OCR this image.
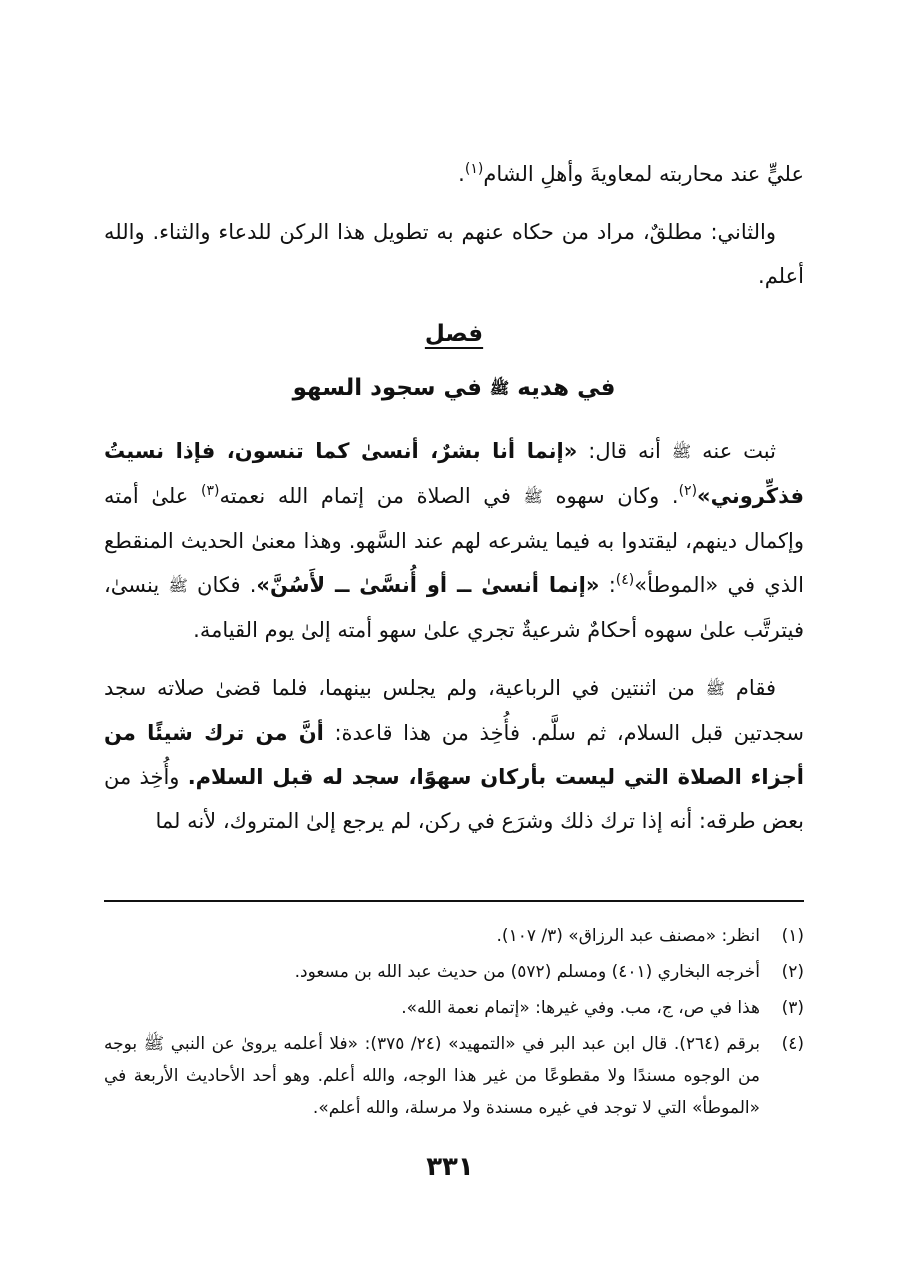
عليٍّ عند محاربته لمعاويةَ وأهلِ الشام$^{(١)}$.

والثاني: مطلقٌ، مراد من حكاه عنهم به تطويل هذا الركن للدعاء والثناء. والله أعلم.

فصل
في هديه ﷺ في سجود السهو

ثبت عنه ﷺ أنه قال: «إنما أنا بشرٌ، أنسىٰ كما تنسون، فإذا نسيتُ فذكِّروني»$^{(٢)}$. وكان سهوه ﷺ في الصلاة من إتمام الله نعمته$^{(٣)}$ علىٰ أمته وإكمال دينهم، ليقتدوا به فيما يشرعه لهم عند السَّهو. وهذا معنىٰ الحديث المنقطع الذي في «الموطأ»$^{(٤)}$: «إنما أنسىٰ ــ أو أُنسَّىٰ ــ لأَسُنَّ». فكان ﷺ ينسىٰ، فيترتَّب علىٰ سهوه أحكامٌ شرعيةٌ تجري علىٰ سهو أمته إلىٰ يوم القيامة.

فقام ﷺ من اثنتين في الرباعية، ولم يجلس بينهما، فلما قضىٰ صلاته سجد سجدتين قبل السلام، ثم سلَّم. فأُخِذ من هذا قاعدة: أنَّ من ترك شيئًا من أجزاء الصلاة التي ليست بأركان سهوًا، سجد له قبل السلام. وأُخِذ من بعض طرقه: أنه إذا ترك ذلك وشرَع في ركن، لم يرجع إلىٰ المتروك، لأنه لما

(١)
انظر: «مصنف عبد الرزاق» (٣/ ١٠٧).
(٢)
أخرجه البخاري (٤٠١) ومسلم (٥٧٢) من حديث عبد الله بن مسعود.
(٣)
هذا في ص، ج، مب. وفي غيرها: «إتمام نعمة الله».
(٤)
برقم (٢٦٤). قال ابن عبد البر في «التمهيد» (٢٤/ ٣٧٥): «فلا أعلمه يروىٰ عن النبي ﷺ بوجه من الوجوه مسندًا ولا مقطوعًا من غير هذا الوجه، والله أعلم. وهو أحد الأحاديث الأربعة في «الموطأ» التي لا توجد في غيره مسندة ولا مرسلة، والله أعلم».
٣٣١
